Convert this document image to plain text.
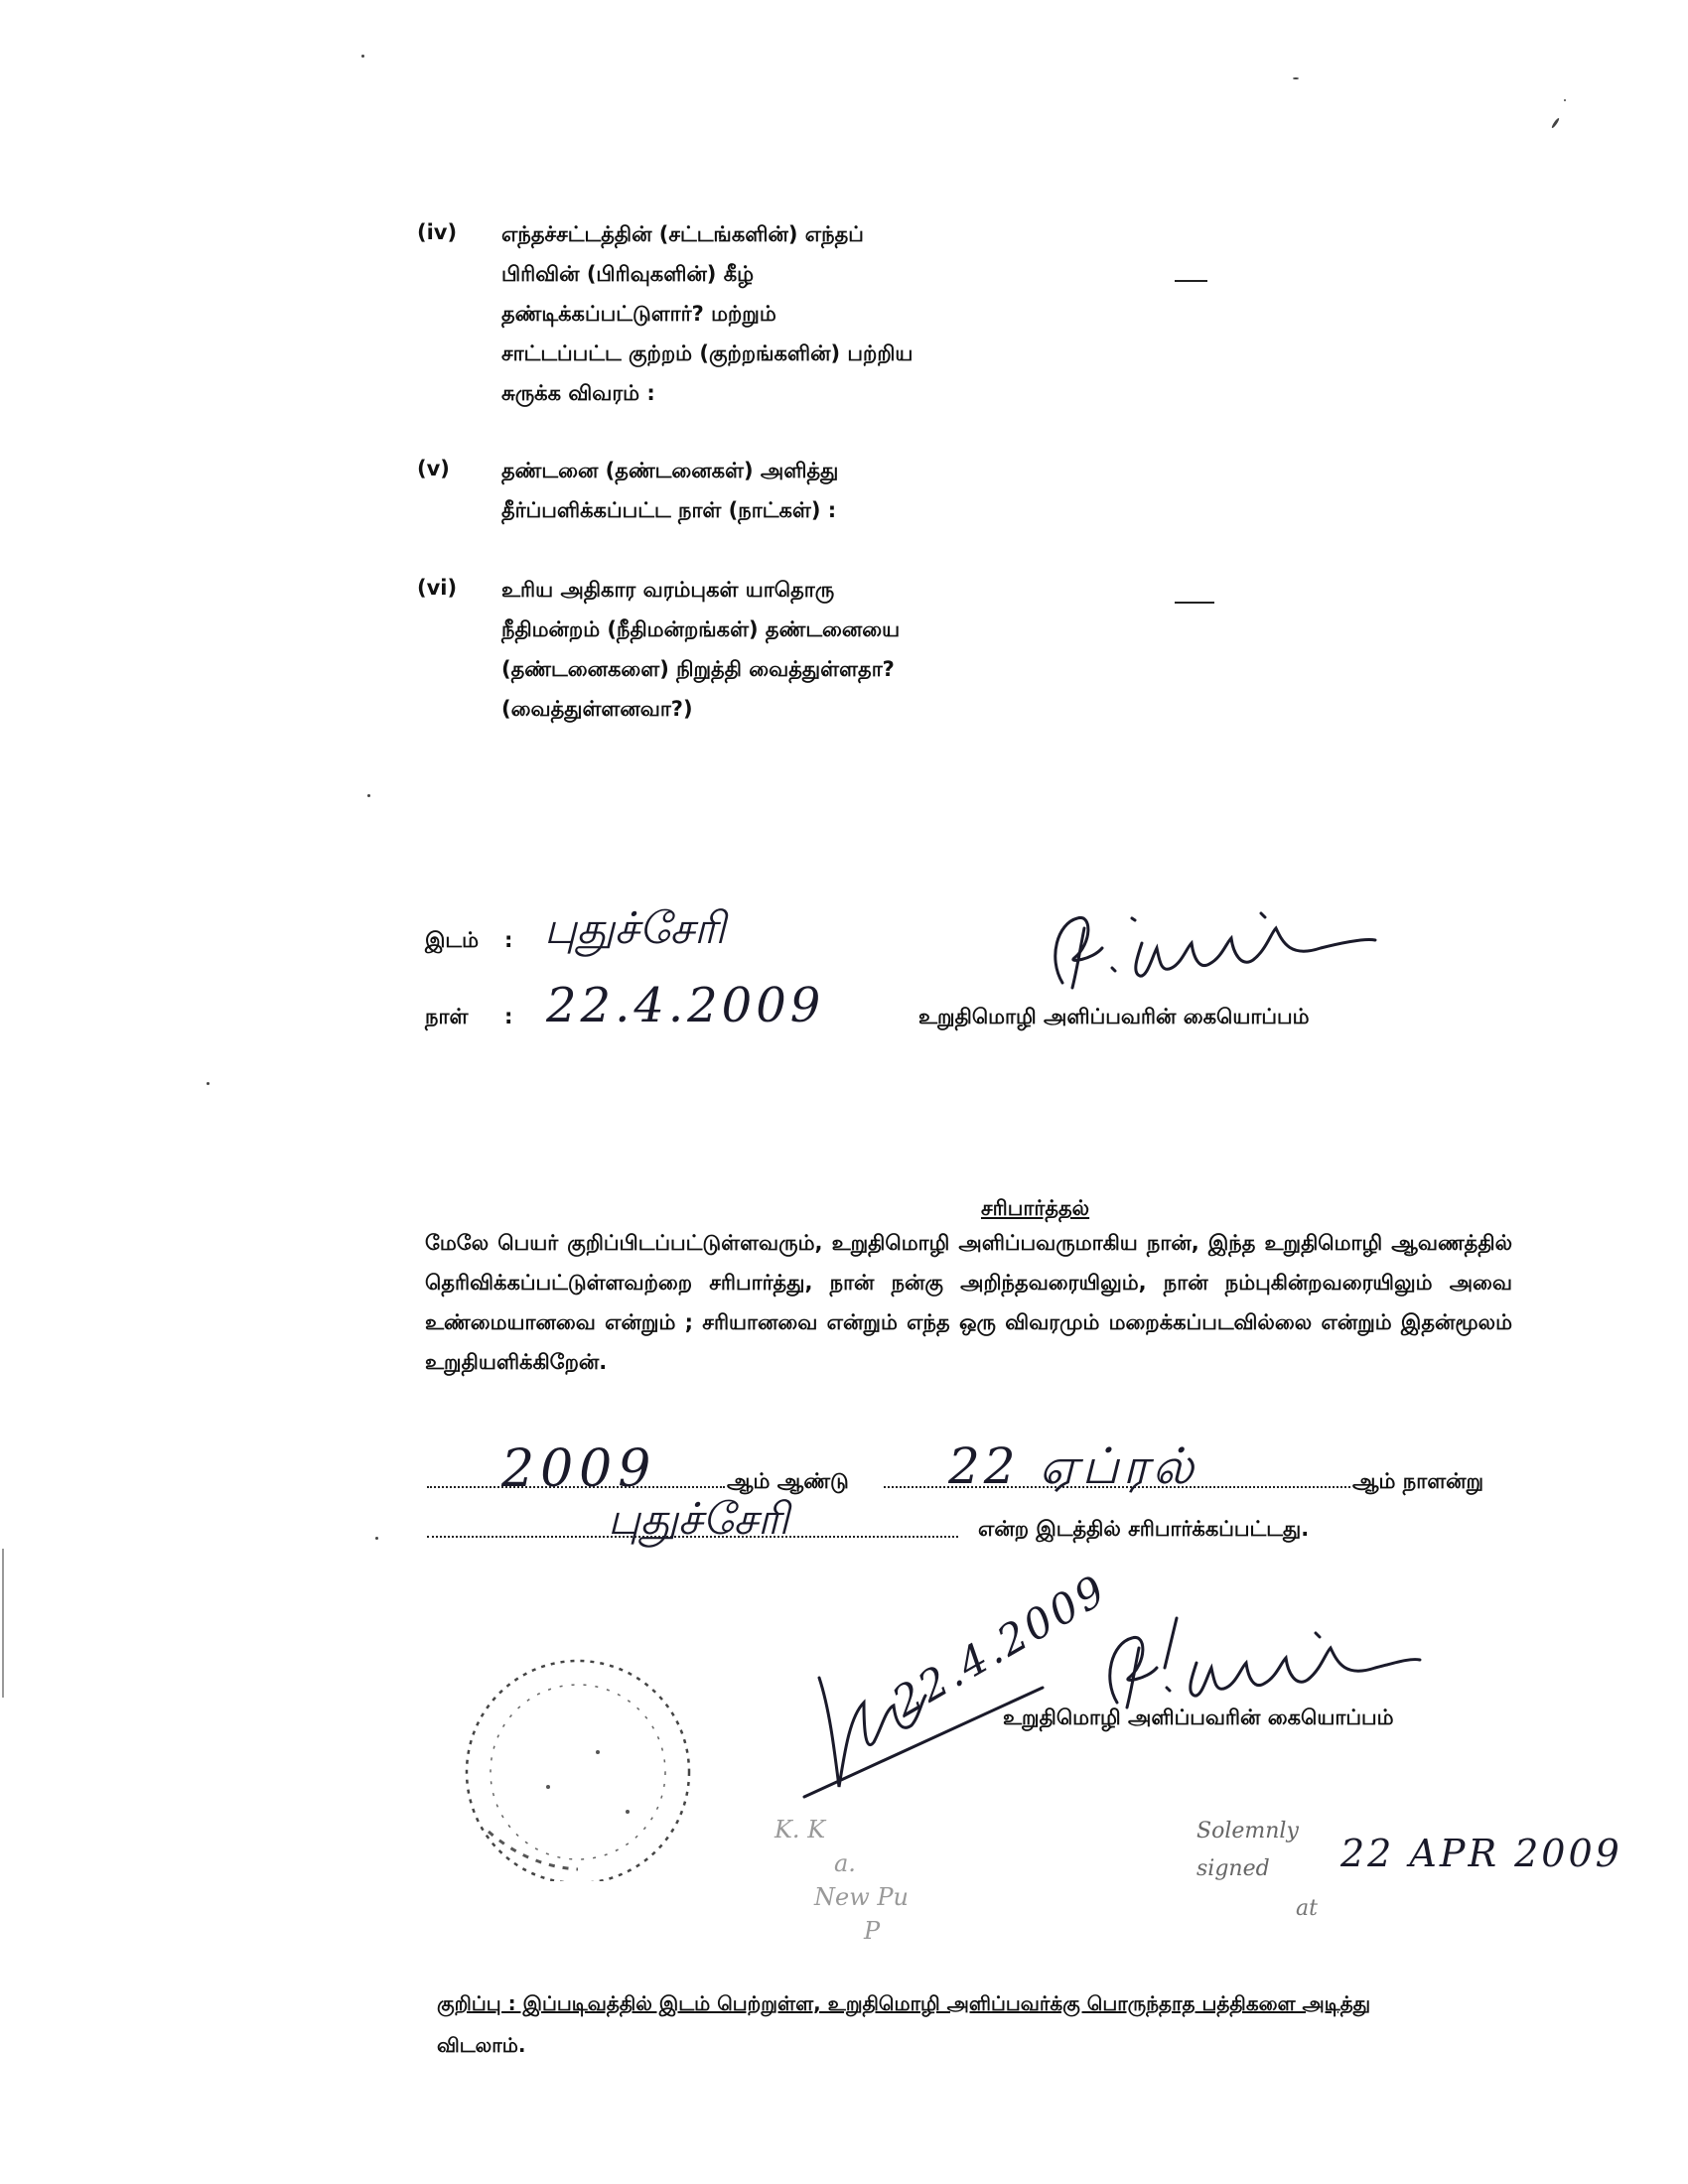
(iv) எந்தச்சட்டத்தின் (சட்டங்களின்) எந்தப்
பிரிவின் (பிரிவுகளின்) கீழ்
தண்டிக்கப்பட்டுளார்? மற்றும்
சாட்டப்பட்ட குற்றம் (குற்றங்களின்) பற்றிய
சுருக்க விவரம் :
(v) தண்டனை (தண்டனைகள்) அளித்து
தீர்ப்பளிக்கப்பட்ட நாள் (நாட்கள்) :
(vi) உரிய அதிகார வரம்புகள் யாதொரு
நீதிமன்றம் (நீதிமன்றங்கள்) தண்டனையை
(தண்டனைகளை) நிறுத்தி வைத்துள்ளதா?
(வைத்துள்ளனவா?)
இடம் : புதுச்சேரி
நாள் : 22.4.2009	உறுதிமொழி அளிப்பவரின் கையொப்பம்
சரிபார்த்தல்
மேலே பெயர் குறிப்பிடப்பட்டுள்ளவரும், உறுதிமொழி அளிப்பவருமாகிய நான், இந்த உறுதிமொழி ஆவணத்தில் தெரிவிக்கப்பட்டுள்ளவற்றை சரிபார்த்து, நான் நன்கு அறிந்தவரையிலும், நான் நம்புகின்றவரையிலும் அவை உண்மையானவை என்றும் ; சரியானவை என்றும் எந்த ஒரு விவரமும் மறைக்கப்படவில்லை என்றும் இதன்மூலம் உறுதியளிக்கிறேன்.
2009	ஆம் ஆண்டு 22 ஏப்ரல்	ஆம் நாளன்று
புதுச்சேரி	என்ற இடத்தில் சரிபார்க்கப்பட்டது.
22.4.2009
உறுதிமொழி அளிப்பவரின் கையொப்பம்
K. K
a.
New Pu
P
Solemnly
signed 22 APR 2009
at
குறிப்பு : இப்படிவத்தில் இடம் பெற்றுள்ள, உறுதிமொழி அளிப்பவர்க்கு பொருந்தாத பத்திகளை அடித்து
விடலாம்.
